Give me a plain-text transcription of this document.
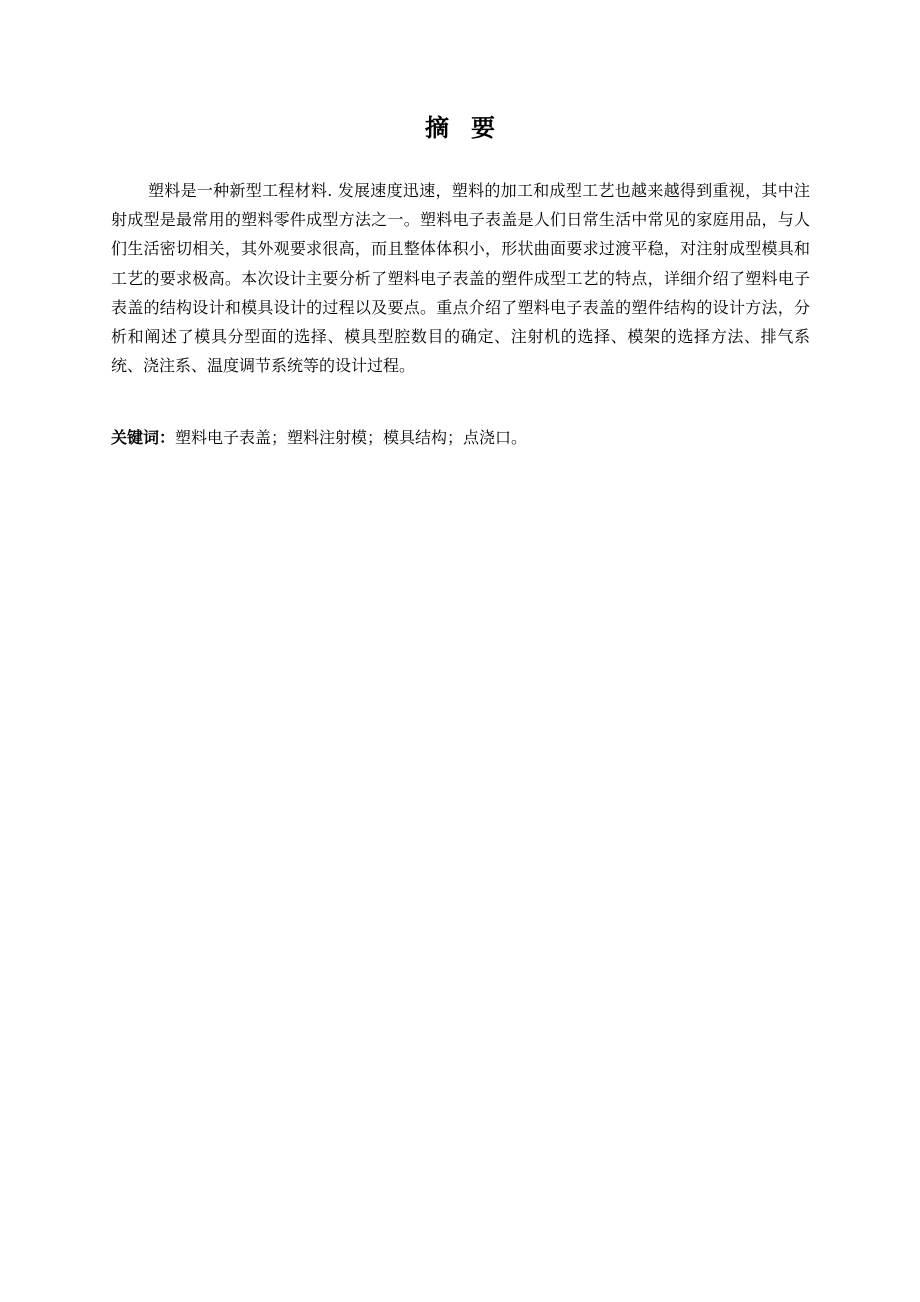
摘要

塑料是一种新型工程材料. 发展速度迅速，塑料的加工和成型工艺也越来越得到重视，其中注射成型是最常用的塑料零件成型方法之一。塑料电子表盖是人们日常生活中常见的家庭用品，与人们生活密切相关，其外观要求很高，而且整体体积小，形状曲面要求过渡平稳，对注射成型模具和工艺的要求极高。本次设计主要分析了塑料电子表盖的塑件成型工艺的特点，详细介绍了塑料电子表盖的结构设计和模具设计的过程以及要点。重点介绍了塑料电子表盖的塑件结构的设计方法，分析和阐述了模具分型面的选择、模具型腔数目的确定、注射机的选择、模架的选择方法、排气系统、浇注系、温度调节系统等的设计过程。

关键词：塑料电子表盖；塑料注射模；模具结构；点浇口。
